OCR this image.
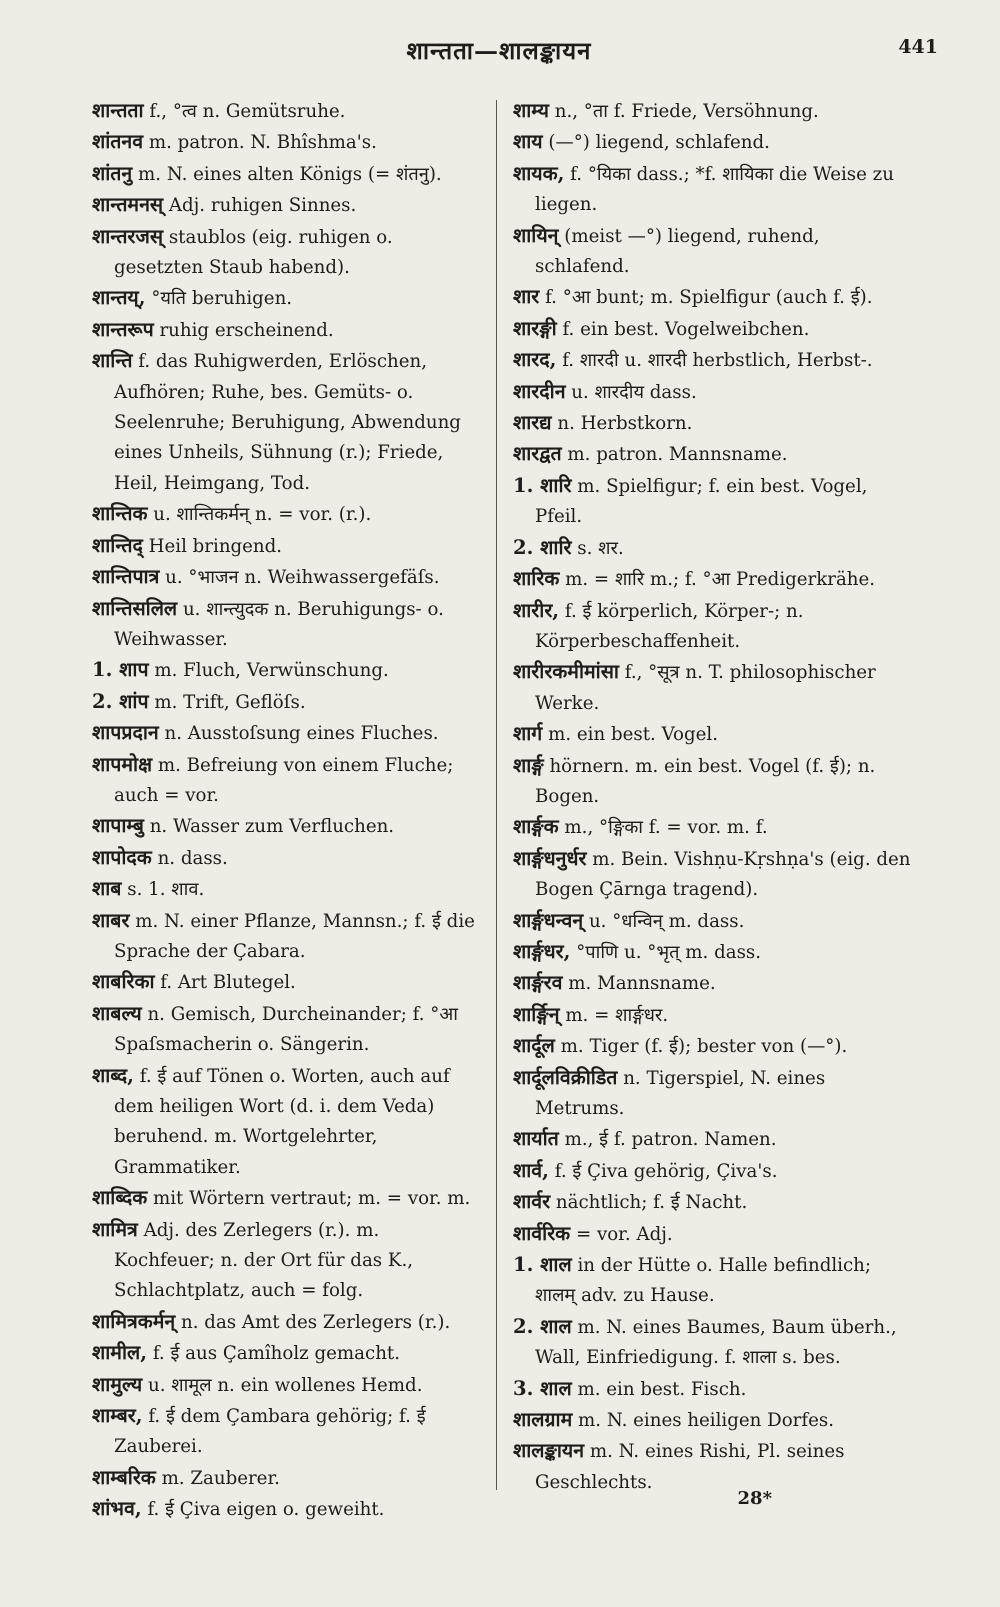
शान्तता—शालङ्कायन	441
शान्तता f., °त्व n. Gemütsruhe.
शांतनव m. patron. N. Bhîshma's.
शांतनु m. N. eines alten Königs (= शंतनु).
शान्तमनस् Adj. ruhigen Sinnes.
शान्तरजस् staublos (eig. ruhigen o. gesetzten Staub habend).
शान्तय्, °यति beruhigen.
शान्तरूप ruhig erscheinend.
शान्ति f. das Ruhigwerden, Erlöschen, Aufhören; Ruhe, bes. Gemüts- o. Seelenruhe; Beruhigung, Abwendung eines Unheils, Sühnung (r.); Friede, Heil, Heimgang, Tod.
शान्तिक u. शान्तिकर्मन् n. = vor. (r.).
शान्तिद् Heil bringend.
शान्तिपात्र u. °भाजन n. Weihwassergefäſs.
शान्तिसलिल u. शान्त्युदक n. Beruhigungs- o. Weihwasser.
1. शाप m. Fluch, Verwünschung.
2. शांप m. Trift, Geflöſs.
शापप्रदान n. Ausstoſsung eines Fluches.
शापमोक्ष m. Befreiung von einem Fluche; auch = vor.
शापाम्बु n. Wasser zum Verfluchen.
शापोदक n. dass.
शाब s. 1. शाव.
शाबर m. N. einer Pflanze, Mannsn.; f. ई die Sprache der Çabara.
शाबरिका f. Art Blutegel.
शाबल्य n. Gemisch, Durcheinander; f. °आ Spaſsmacherin o. Sängerin.
शाब्द, f. ई auf Tönen o. Worten, auch auf dem heiligen Wort (d. i. dem Veda) beruhend. m. Wortgelehrter, Grammatiker.
शाब्दिक mit Wörtern vertraut; m. = vor. m.
शामित्र Adj. des Zerlegers (r.). m. Kochfeuer; n. der Ort für das K., Schlachtplatz, auch = folg.
शामित्रकर्मन् n. das Amt des Zerlegers (r.).
शामील, f. ई aus Çamîholz gemacht.
शामुल्य u. शामूल n. ein wollenes Hemd.
शाम्बर, f. ई dem Çambara gehörig; f. ई Zauberei.
शाम्बरिक m. Zauberer.
शांभव, f. ई Çiva eigen o. geweiht.
शाम्य n., °ता f. Friede, Versöhnung.
शाय (—°) liegend, schlafend.
शायक, f. °यिका dass.; *f. शायिका die Weise zu liegen.
शायिन् (meist —°) liegend, ruhend, schlafend.
शार f. °आ bunt; m. Spielfigur (auch f. ई).
शारङ्गी f. ein best. Vogelweibchen.
शारद, f. शारदी u. शारदी herbstlich, Herbst-.
शारदीन u. शारदीय dass.
शारद्य n. Herbstkorn.
शारद्वत m. patron. Mannsname.
1. शारि m. Spielfigur; f. ein best. Vogel, Pfeil.
2. शारि s. शर.
शारिक m. = शारि m.; f. °आ Predigerkrähe.
शारीर, f. ई körperlich, Körper-; n. Körperbeschaffenheit.
शारीरकमीमांसा f., °सूत्र n. T. philosophischer Werke.
शार्ग m. ein best. Vogel.
शार्ङ्ग hörnern. m. ein best. Vogel (f. ई); n. Bogen.
शार्ङ्गक m., °ङ्गिका f. = vor. m. f.
शार्ङ्गधनुर्धर m. Bein. Vishṇu-Kṛshṇa's (eig. den Bogen Çārnga tragend).
शार्ङ्गधन्वन् u. °धन्विन् m. dass.
शार्ङ्गधर, °पाणि u. °भृत् m. dass.
शार्ङ्गरव m. Mannsname.
शार्ङ्गिन् m. = शार्ङ्गधर.
शार्दूल m. Tiger (f. ई); bester von (—°).
शार्दूलविक्रीडित n. Tigerspiel, N. eines Metrums.
शार्यात m., ई f. patron. Namen.
शार्व, f. ई Çiva gehörig, Çiva's.
शार्वर nächtlich; f. ई Nacht.
शार्वरिक = vor. Adj.
1. शाल in der Hütte o. Halle befindlich; शालम् adv. zu Hause.
2. शाल m. N. eines Baumes, Baum überh., Wall, Einfriedigung. f. शाला s. bes.
3. शाल m. ein best. Fisch.
शालग्राम m. N. eines heiligen Dorfes.
शालङ्कायन m. N. eines Rishi, Pl. seines Geschlechts.
28*
